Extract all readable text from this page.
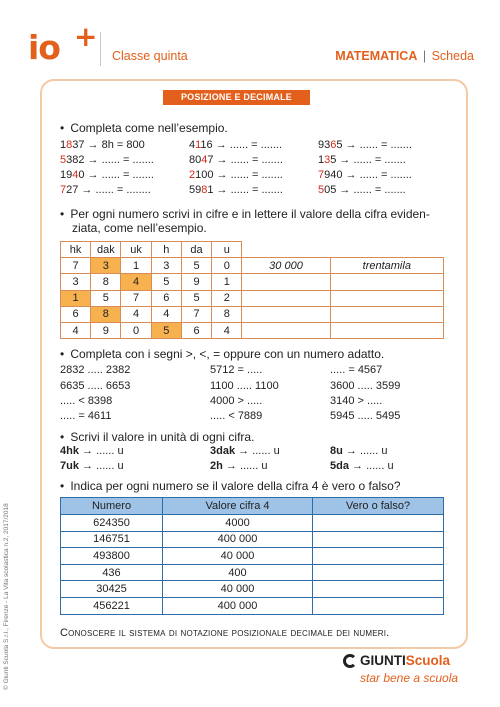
io +
Classe quinta	MATEMATICA | Scheda
POSIZIONE E DECIMALE
• Completa come nell’esempio.
1837 → 8h = 800	4116 → ...... = .......	9365 → ...... = .......
5382 → ...... = .......	8047 → ...... = .......	135 → ...... = .......
1940 → ...... = .......	2100 → ...... = .......	7940 → ...... = .......
727 → ...... = ........	5981 → ...... = .......	505 → ...... = .......
• Per ogni numero scrivi in cifre e in lettere il valore della cifra eviden-
ziata, come nell’esempio.
hk	dak	uk	h	da	u		
7	3	1	3	5	0	30 000	trentamila
3	8	4	5	9	1		
1	5	7	6	5	2		
6	8	4	4	7	8		
4	9	0	5	6	4		
• Completa con i segni >, <, = oppure con un numero adatto.
2832 ..... 2382	5712 = .....	..... = 4567
6635 ..... 6653	1100 ..... 1100	3600 ..... 3599
..... < 8398	4000 > .....	3140 > .....
..... = 4611	..... < 7889	5945 ..... 5495
• Scrivi il valore in unità di ogni cifra.
4hk → ...... u	3dak → ...... u	8u → ...... u
7uk → ...... u	2h → ...... u	5da → ...... u
• Indica per ogni numero se il valore della cifra 4 è vero o falso?
Numero	Valore cifra 4	Vero o falso?
624350	4000	
146751	400 000	
493800	40 000	
436	400	
30425	40 000	
456221	400 000	
Conoscere il sistema di notazione posizionale decimale dei numeri.
© Giunti Scuola S.r.l., Firenze - La Vita scolastica n.2, 2017/2018	GIUNTIScuola
star bene a scuola
